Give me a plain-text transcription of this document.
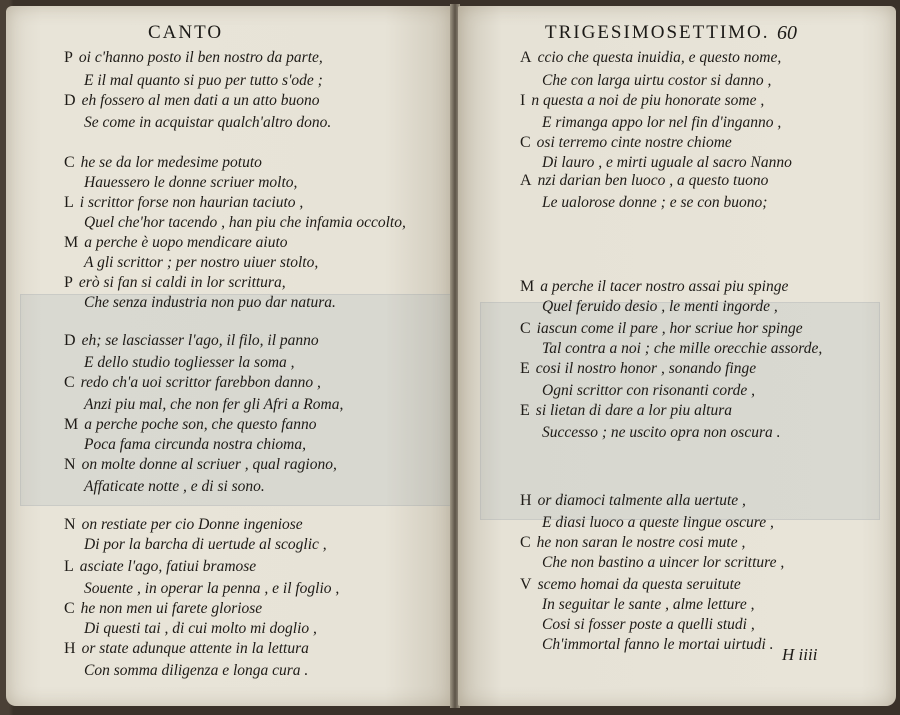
CANTO	TRIGESIMOSETTIMO. 60
P oi c'hanno posto il ben nostro da parte,
E il mal quanto si puo per tutto s'ode ;
D eh fossero al men dati a un atto buono
Se come in acquistar qualch'altro dono.
C he se da lor medesime potuto
Hauessero le donne scriuer molto,
L i scrittor forse non haurian taciuto ,
Quel che'hor tacendo , han piu che infamia occolto,
M a perche è uopo mendicare aiuto
A gli scrittor ; per nostro uiuer stolto,
P erò si fan si caldi in lor scrittura,
Che senza industria non puo dar natura.
D eh; se lasciasser l'ago, il filo, il panno
E dello studio togliesser la soma ,
C redo ch'a uoi scrittor farebbon danno ,
Anzi piu mal, che non fer gli Afri a Roma,
M a perche poche son, che questo fanno
Poca fama circunda nostra chioma,
N on molte donne al scriuer , qual ragiono,
Affaticate notte , e di si sono.
N on restiate per cio Donne ingeniose
Di por la barcha di uertude al scoglic ,
L asciate l'ago, fatiui bramose
Souente , in operar la penna , e il foglio ,
C he non men ui farete gloriose
Di questi tai , di cui molto mi doglio ,
H or state adunque attente in la lettura
Con somma diligenza e longa cura .
A ccio che questa inuidia, e questo nome,
Che con larga uirtu costor si danno ,
I n questa a noi de piu honorate some ,
E rimanga appo lor nel fin d'inganno ,
C osi terremo cinte nostre chiome
Di lauro , e mirti uguale al sacro Nanno
A nzi darian ben luoco , a questo tuono
Le ualorose donne ; e se con buono;
M a perche il tacer nostro assai piu spinge
Quel feruido desio , le menti ingorde ,
C iascun come il pare , hor scriue hor spinge
Tal contra a noi ; che mille orecchie assorde,
E cosi il nostro honor , sonando finge
Ogni scrittor con risonanti corde ,
E si lietan di dare a lor piu altura
Successo ; ne uscito opra non oscura .
H or diamoci talmente alla uertute ,
E diasi luoco a queste lingue oscure ,
C he non saran le nostre cosi mute ,
Che non bastino a uincer lor scritture ,
V scemo homai da questa seruitute
In seguitar le sante , alme letture ,
Cosi si fosser poste a quelli studi ,
Ch'immortal fanno le mortai uirtudi .
H iiii
